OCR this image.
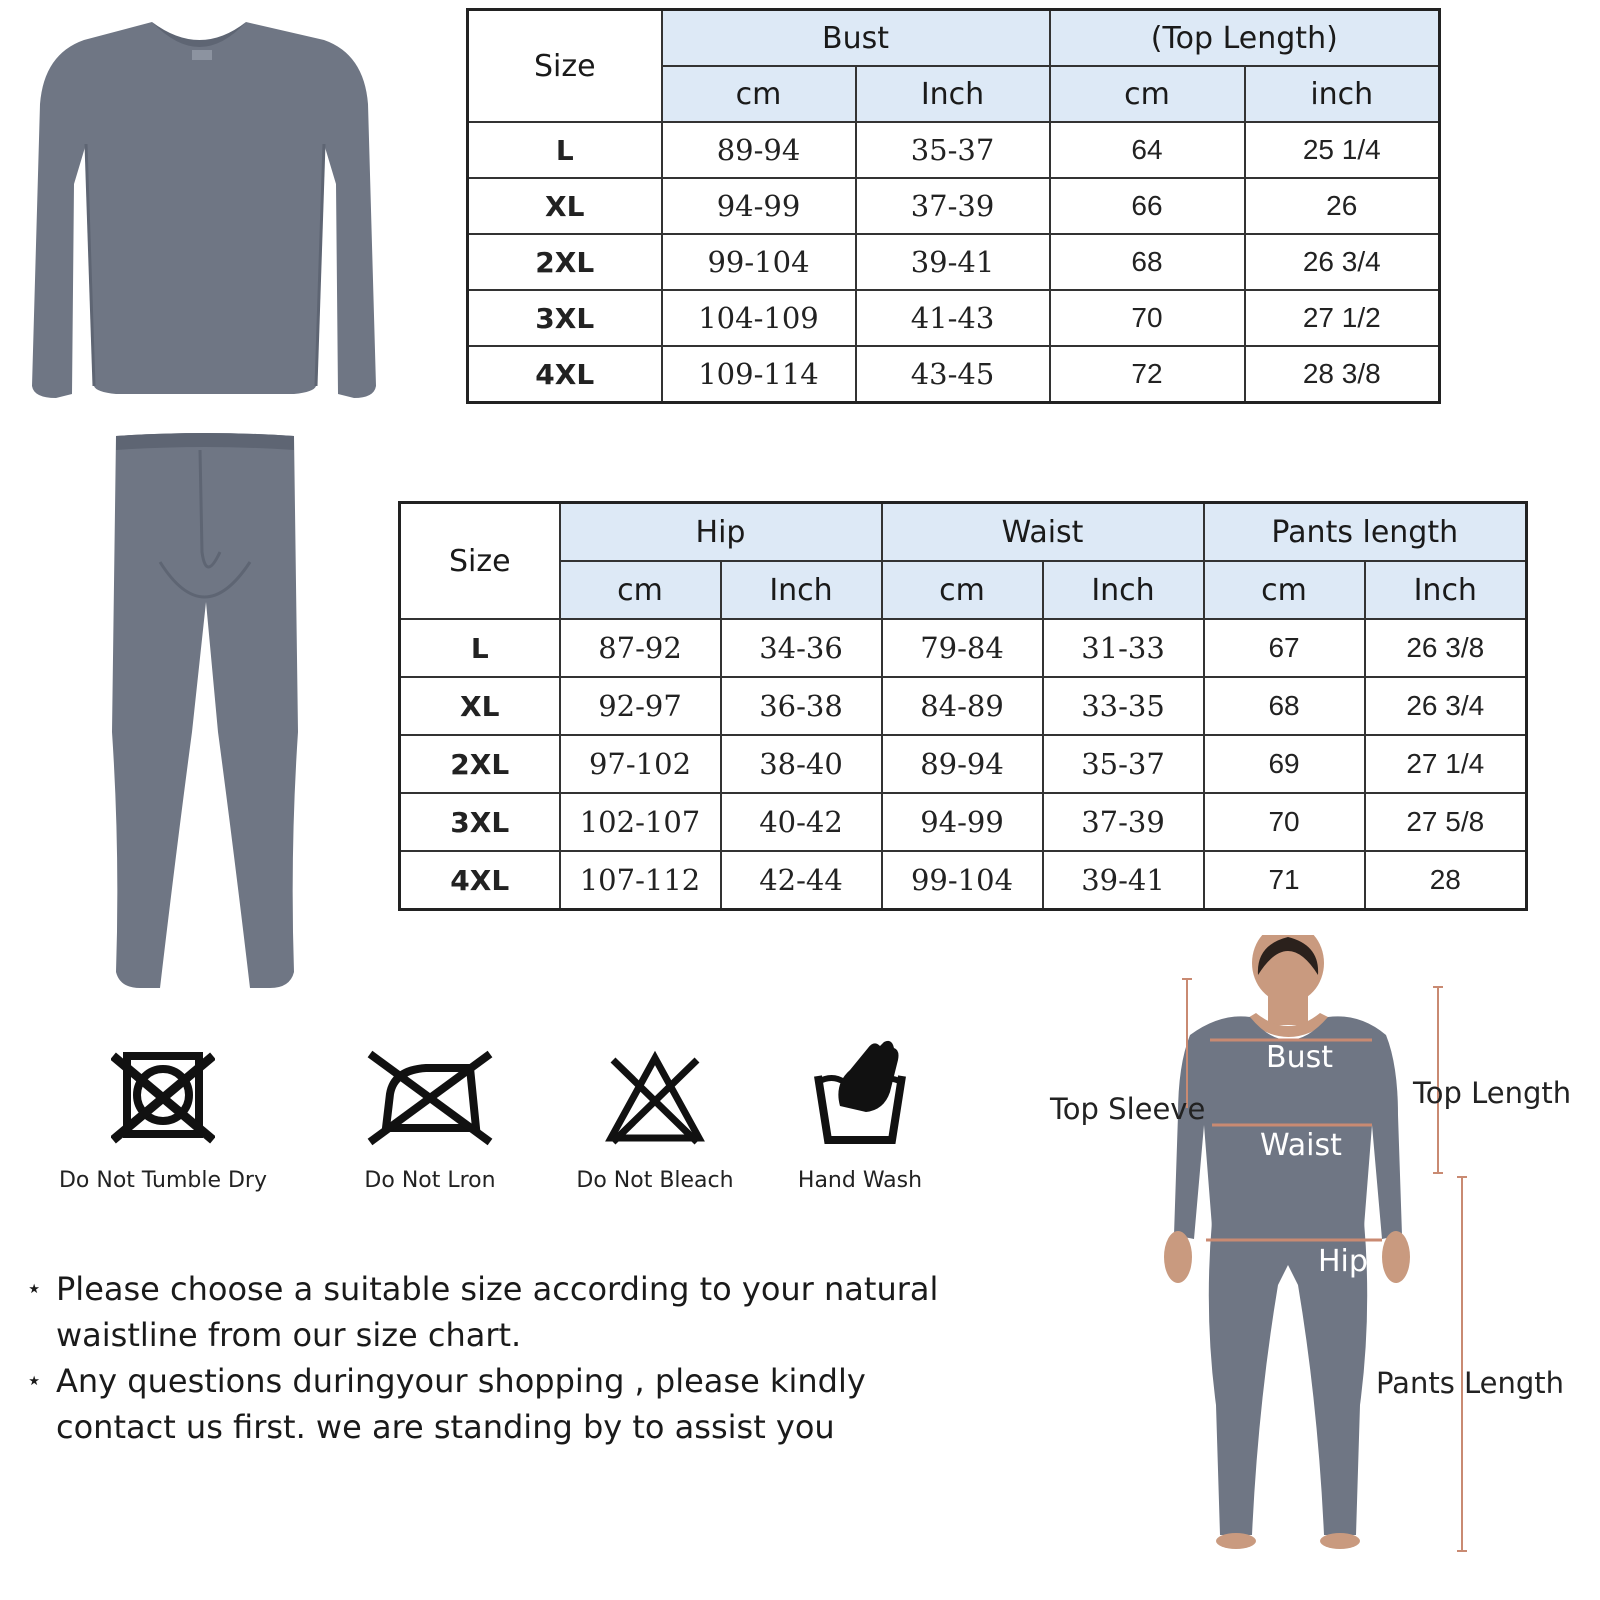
Size	Bust		(Top Length)	
	cm	Inch	cm	inch
L	89-94	35-37	64	25 1/4
XL	94-99	37-39	66	26
2XL	99-104	39-41	68	26 3/4
3XL	104-109	41-43	70	27 1/2
4XL	109-114	43-45	72	28 3/8
Size	Hip		Waist		Pants length	
	cm	Inch	cm	Inch	cm	Inch
L	87-92	34-36	79-84	31-33	67	26 3/8
XL	92-97	36-38	84-89	33-35	68	26 3/4
2XL	97-102	38-40	89-94	35-37	69	27 1/4
3XL	102-107	40-42	94-99	37-39	70	27 5/8
4XL	107-112	42-44	99-104	39-41	71	28
Do Not Tumble Dry	Do Not Lron	Do Not Bleach	Hand Wash
⋆ Please choose a suitable size according to your natural waistline from our size chart.
⋆ Any questions duringyour shopping , please kindly contact us first. we are standing by to assist you
Bust
Waist
Hip
Top Sleeve	Top Length
Pants Length
